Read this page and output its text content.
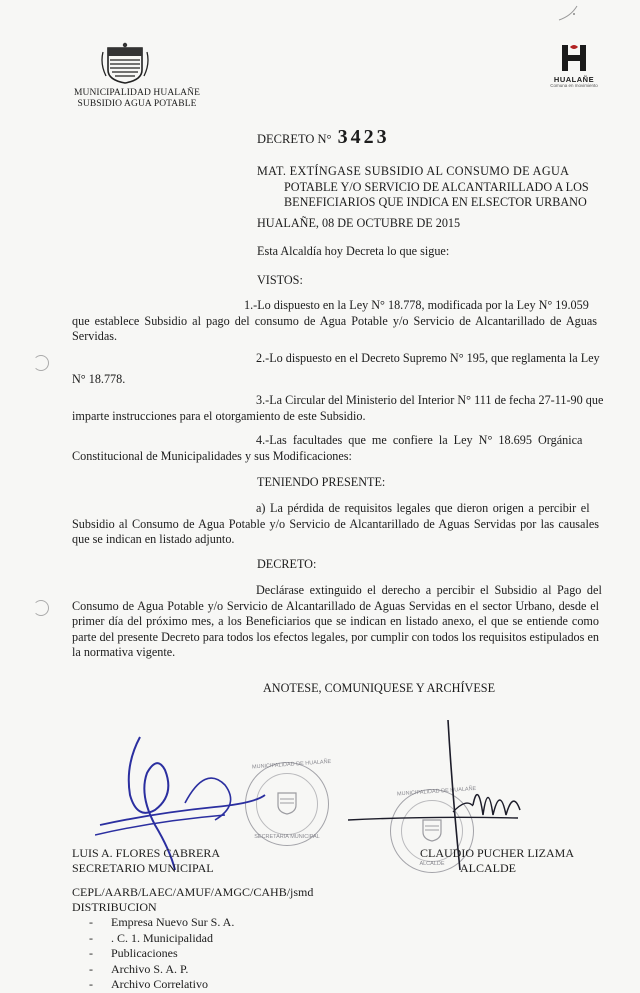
MUNICIPALIDAD HUALAÑE
SUBSIDIO AGUA POTABLE
HUALAÑE
Comuna en movimiento
DECRETO N° 3423
MAT. EXTÍNGASE SUBSIDIO AL CONSUMO DE AGUA
POTABLE Y/O SERVICIO DE ALCANTARILLADO A LOS
BENEFICIARIOS QUE INDICA EN ELSECTOR URBANO
HUALAÑE, 08 DE OCTUBRE DE 2015
Esta Alcaldía hoy Decreta lo que sigue:
VISTOS:
1.-Lo dispuesto en la Ley N° 18.778, modificada por la Ley N° 19.059
que establece Subsidio al pago del consumo de Agua Potable y/o Servicio de Alcantarillado de Aguas Servidas.
2.-Lo dispuesto en el Decreto Supremo N° 195, que reglamenta la Ley
N° 18.778.
3.-La Circular del Ministerio del Interior N° 111 de fecha 27-11-90 que
imparte instrucciones para el otorgamiento de este Subsidio.
4.-Las facultades que me confiere la Ley N° 18.695 Orgánica
Constitucional de Municipalidades y sus Modificaciones:
TENIENDO PRESENTE:
a) La pérdida de requisitos legales que dieron origen a percibir el
Subsidio al Consumo de Agua Potable y/o Servicio de Alcantarillado de Aguas Servidas por las causales que se indican en listado adjunto.
DECRETO:
Declárase extinguido el derecho a percibir el Subsidio al Pago del
Consumo de Agua Potable y/o Servicio de Alcantarillado de Aguas Servidas en el sector Urbano, desde el primer día del próximo mes, a los Beneficiarios que se indican en listado anexo, el que se entiende como parte del presente Decreto para todos los efectos legales, por cumplir con todos los requisitos estipulados en la normativa vigente.
ANOTESE, COMUNIQUESE Y ARCHÍVESE
MUNICIPALIDAD DE HUALAÑE
SECRETARIA MUNICIPAL
MUNICIPALIDAD DE HUALAÑE
ALCALDE
LUIS A. FLORES CABRERA
SECRETARIO MUNICIPAL
CLAUDIO PUCHER LIZAMA
ALCALDE
CEPL/AARB/LAEC/AMUF/AMGC/CAHB/jsmd
DISTRIBUCION
- Empresa Nuevo Sur S. A.
- . C. 1. Municipalidad
- Publicaciones
- Archivo S. A. P.
- Archivo Correlativo
